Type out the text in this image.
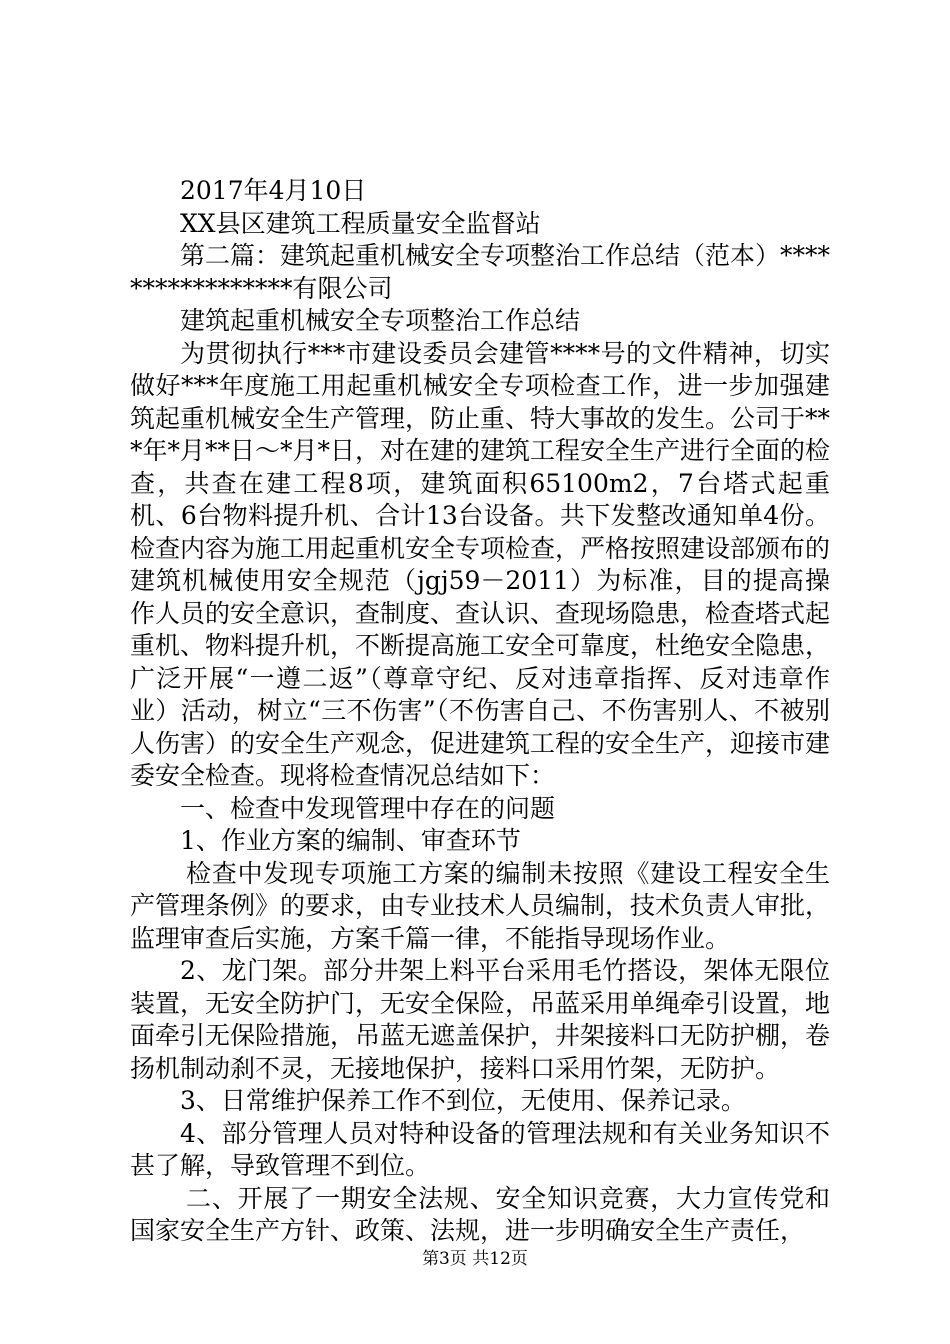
2017年4月10日

XX县区建筑工程质量安全监督站

第二篇：建筑起重机械安全专项整治工作总结（范本）*****************有限公司

建筑起重机械安全专项整治工作总结

为贯彻执行***市建设委员会建管****号的文件精神，切实做好***年度施工用起重机械安全专项检查工作，进一步加强建筑起重机械安全生产管理，防止重、特大事故的发生。公司于***年*月**日～*月*日，对在建的建筑工程安全生产进行全面的检查，共查在建工程8项，建筑面积65100m2，7台塔式起重机、6台物料提升机、合计13台设备。共下发整改通知单4份。检查内容为施工用起重机安全专项检查，严格按照建设部颁布的建筑机械使用安全规范（jgj59－2011）为标准，目的提高操作人员的安全意识，查制度、查认识、查现场隐患，检查塔式起重机、物料提升机，不断提高施工安全可靠度，杜绝安全隐患，广泛开展“一遵二返”（尊章守纪、反对违章指挥、反对违章作业）活动，树立“三不伤害”（不伤害自己、不伤害别人、不被别人伤害）的安全生产观念，促进建筑工程的安全生产，迎接市建委安全检查。现将检查情况总结如下：

一、检查中发现管理中存在的问题

1、作业方案的编制、审查环节

检查中发现专项施工方案的编制未按照《建设工程安全生产管理条例》的要求，由专业技术人员编制，技术负责人审批，监理审查后实施，方案千篇一律，不能指导现场作业。

2、龙门架。部分井架上料平台采用毛竹搭设，架体无限位装置，无安全防护门，无安全保险，吊蓝采用单绳牵引设置，地面牵引无保险措施，吊蓝无遮盖保护，井架接料口无防护棚，卷扬机制动刹不灵，无接地保护，接料口采用竹架，无防护。

3、日常维护保养工作不到位，无使用、保养记录。

4、部分管理人员对特种设备的管理法规和有关业务知识不甚了解，导致管理不到位。

二、开展了一期安全法规、安全知识竞赛，大力宣传党和国家安全生产方针、政策、法规，进一步明确安全生产责任，

第3页 共12页
